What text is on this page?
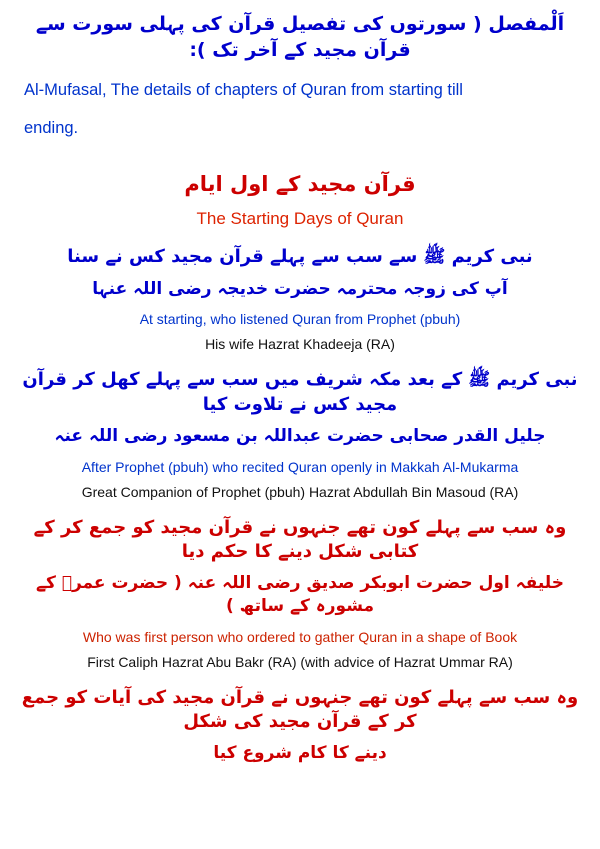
اَلْمفصل ( سورتوں کی تفصیل قرآن کی پہلی سورت سے قرآن مجید کے آخر تک ):
Al-Mufasal, The details of chapters of Quran from starting till
ending.
قرآن مجید کے اول ایام
The Starting Days of Quran
نبی کریم ﷺ سے سب سے پہلے قرآن مجید کس نے سنا
آپ کی زوجہ محترمہ حضرت خدیجہ رضی اللہ عنہا
At starting, who listened Quran from Prophet (pbuh)
His wife Hazrat Khadeeja (RA)
نبی کریم ﷺ کے بعد مکہ شریف میں سب سے پہلے کھل کر قرآن مجید کس نے تلاوت کیا
جلیل القدر صحابی حضرت عبداللہ بن مسعود رضی اللہ عنہ
After Prophet (pbuh) who recited Quran openly in Makkah Al-Mukarma
Great Companion of Prophet (pbuh) Hazrat Abdullah Bin Masoud (RA)
وہ سب سے پہلے کون تھے جنہوں نے قرآن مجید کو جمع کر کے کتابی شکل دینے کا حکم دیا
خلیفہ اول حضرت ابوبکر صدیق رضی اللہ عنہ ( حضرت عمرؓ کے مشورہ کے ساتھ )
Who was first person who ordered to gather Quran in a shape of Book
First Caliph Hazrat Abu Bakr (RA) (with advice of Hazrat Ummar RA)
وہ سب سے پہلے کون تھے جنہوں نے قرآن مجید کی آیات کو جمع کر کے قرآن مجید کی شکل
دینے کا کام شروع کیا
